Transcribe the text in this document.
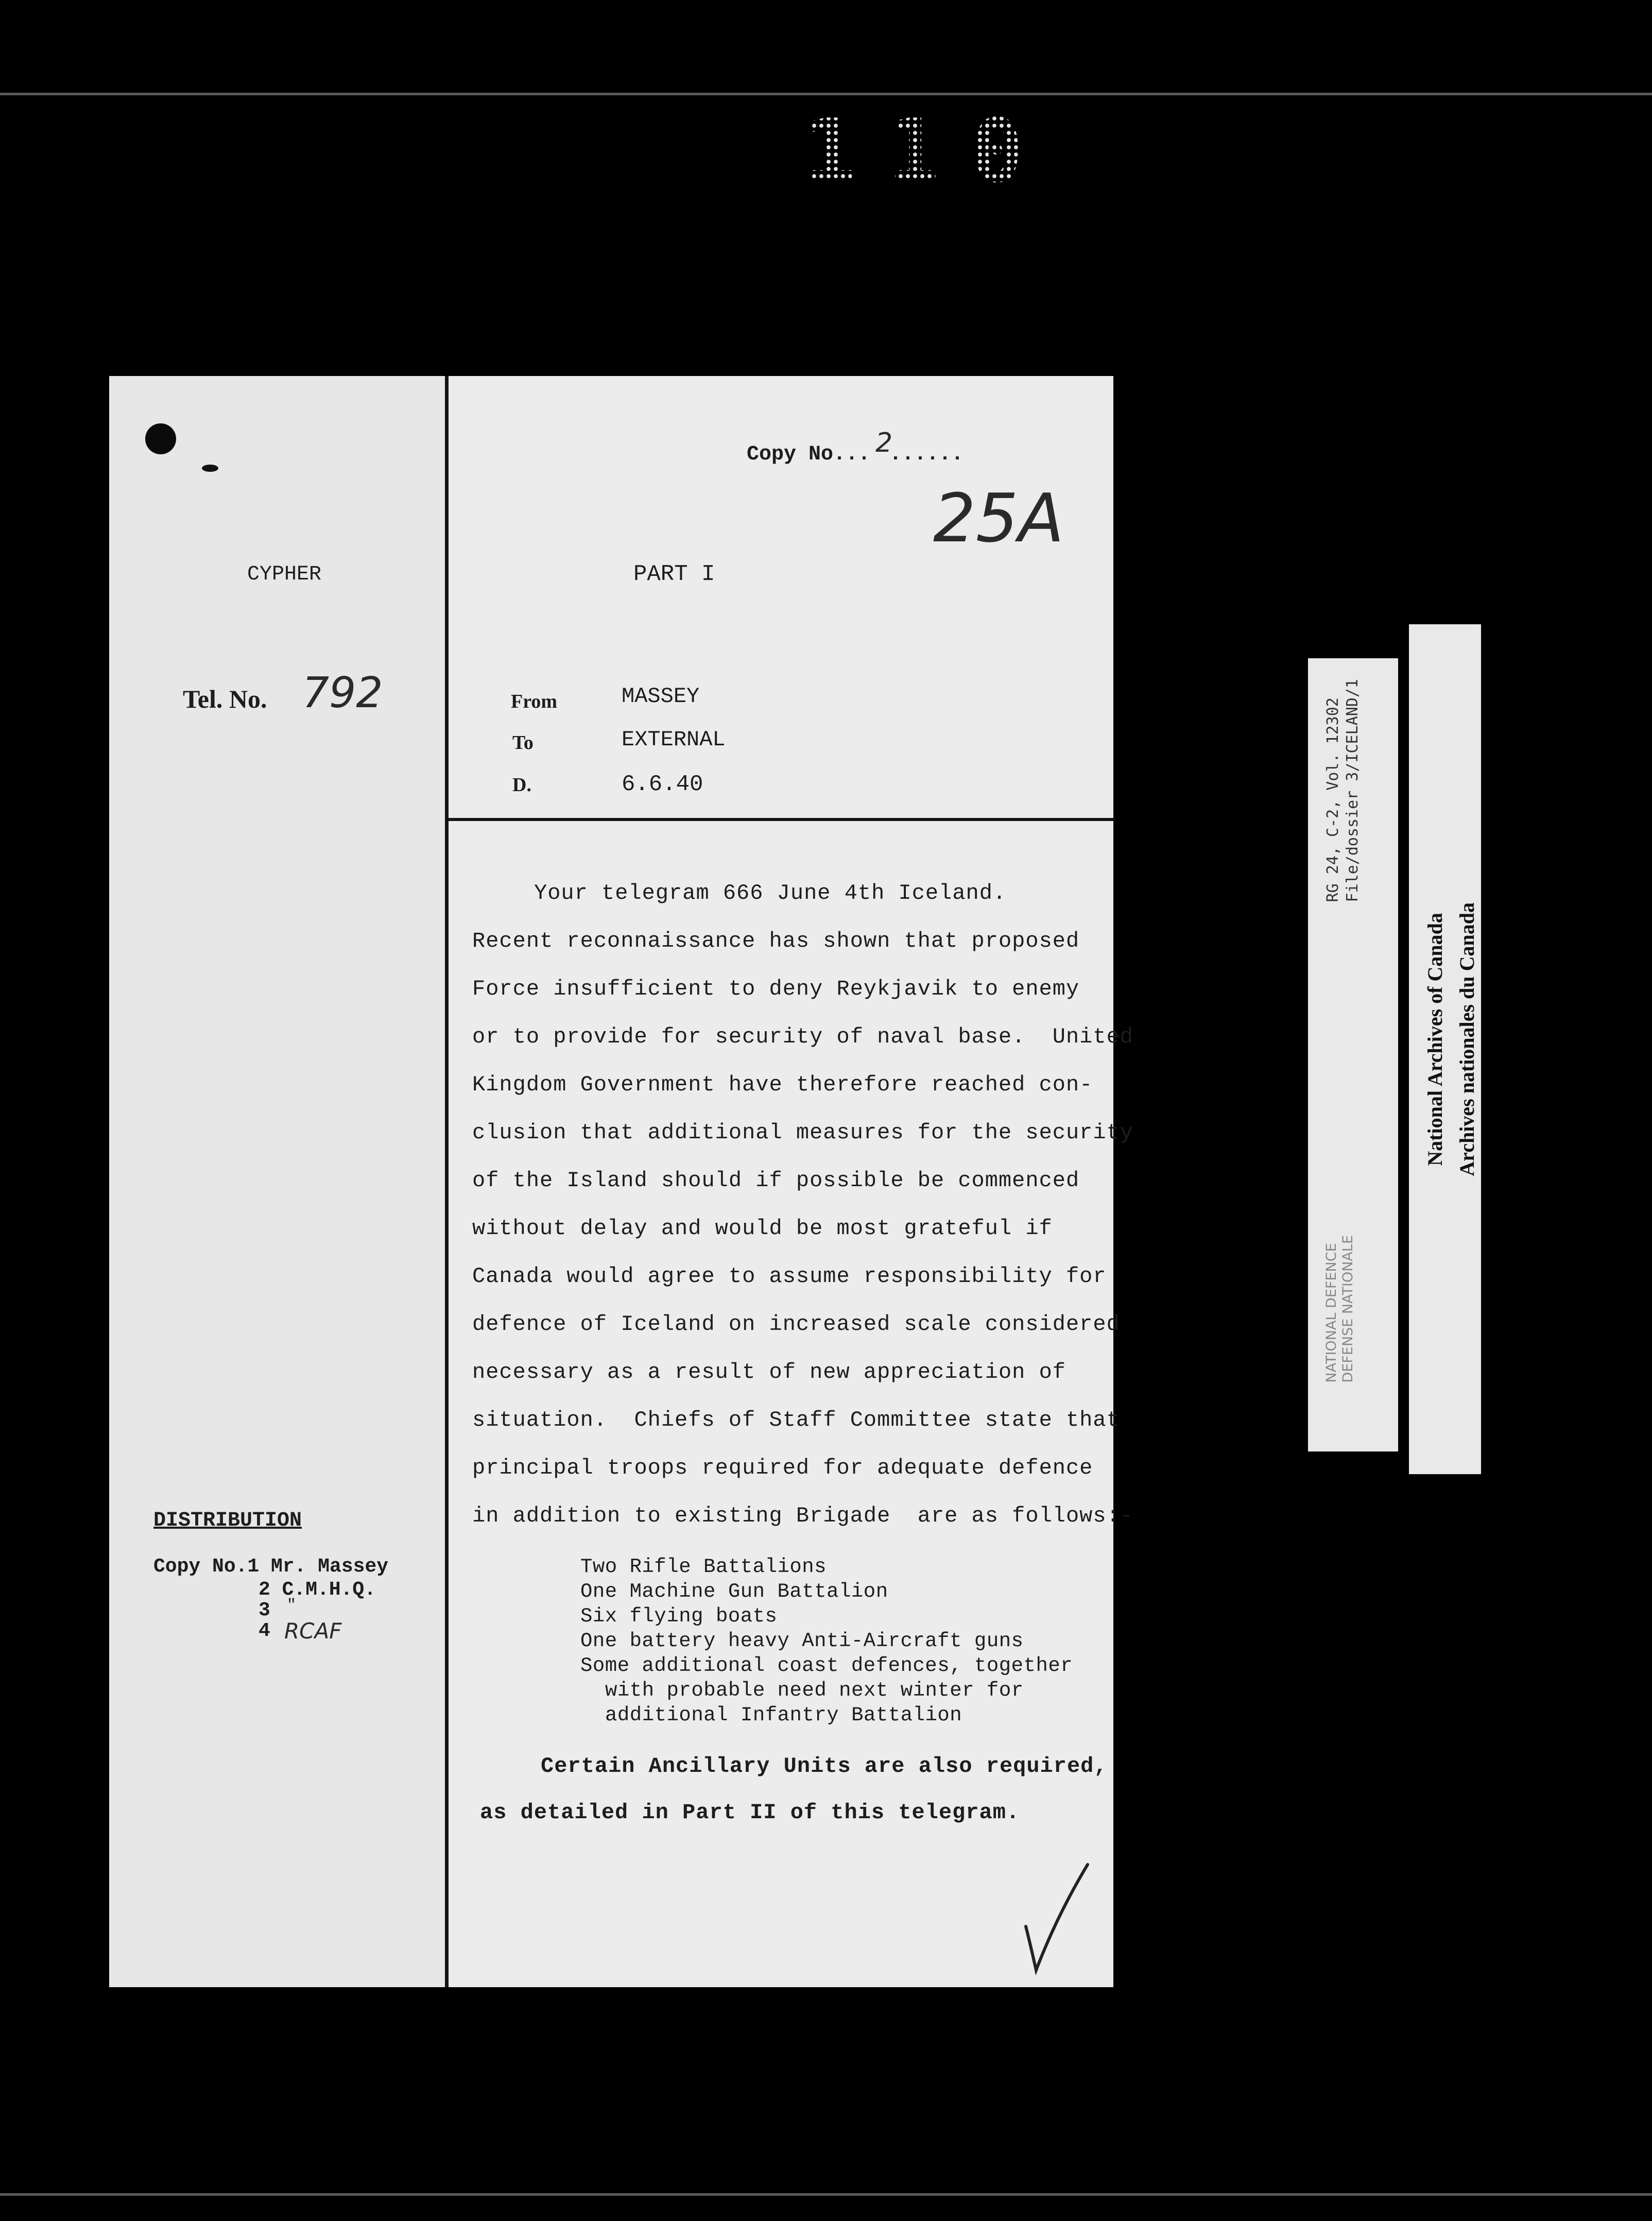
110
Copy No... 2
......
25A
CYPHER
Tel. No. 792
DISTRIBUTION
Copy No.1 Mr. Massey
2 C.M.H.Q.
3 "
4 RCAF
PART I
From	MASSEY
To	EXTERNAL
D.	6.6.40
Your telegram 666 June 4th Iceland.
Recent reconnaissance has shown that proposed
Force insufficient to deny Reykjavik to enemy
or to provide for security of naval base.  United
Kingdom Government have therefore reached con-
clusion that additional measures for the security
of the Island should if possible be commenced
without delay and would be most grateful if
Canada would agree to assume responsibility for
defence of Iceland on increased scale considered
necessary as a result of new appreciation of
situation.  Chiefs of Staff Committee state that
principal troops required for adequate defence
in addition to existing Brigade  are as follows:-
Two Rifle Battalions
One Machine Gun Battalion
Six flying boats
One battery heavy Anti-Aircraft guns
Some additional coast defences, together
with probable need next winter for
additional Infantry Battalion
Certain Ancillary Units are also required,
as detailed in Part II of this telegram.
RG 24, C-2, Vol. 12302 File/dossier 3/ICELAND/1
NATIONAL DEFENCE
DEFENSE NATIONALE
National Archives of Canada Archives nationales du Canada
